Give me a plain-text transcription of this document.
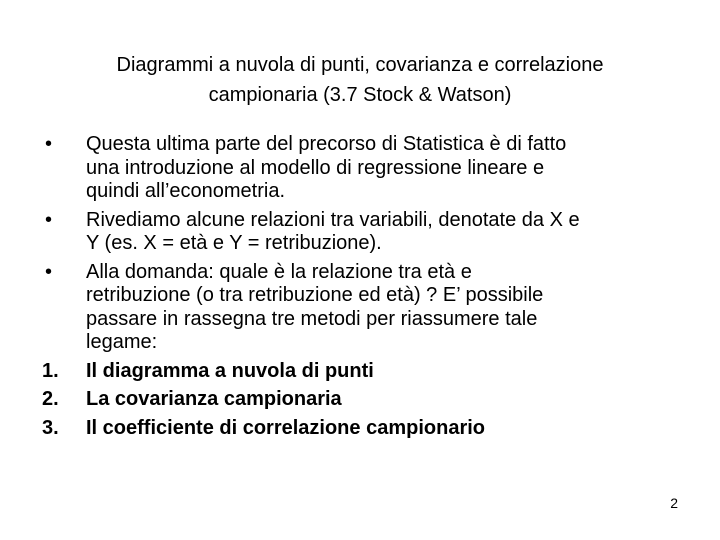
Diagrammi a nuvola di punti, covarianza e correlazione
campionaria (3.7 Stock & Watson)
•	Questa ultima parte del precorso di Statistica è di fatto
una introduzione al modello di regressione lineare e
quindi all’econometria.
•	Rivediamo alcune relazioni tra variabili, denotate da X e
Y (es. X = età e Y = retribuzione).
•	Alla domanda: quale è la relazione tra età e
retribuzione (o tra retribuzione ed età) ? E’ possibile
passare in rassegna tre metodi per riassumere tale
legame:
1.	Il diagramma a nuvola di punti
2.	La covarianza campionaria
3.	Il coefficiente di correlazione campionario
2
